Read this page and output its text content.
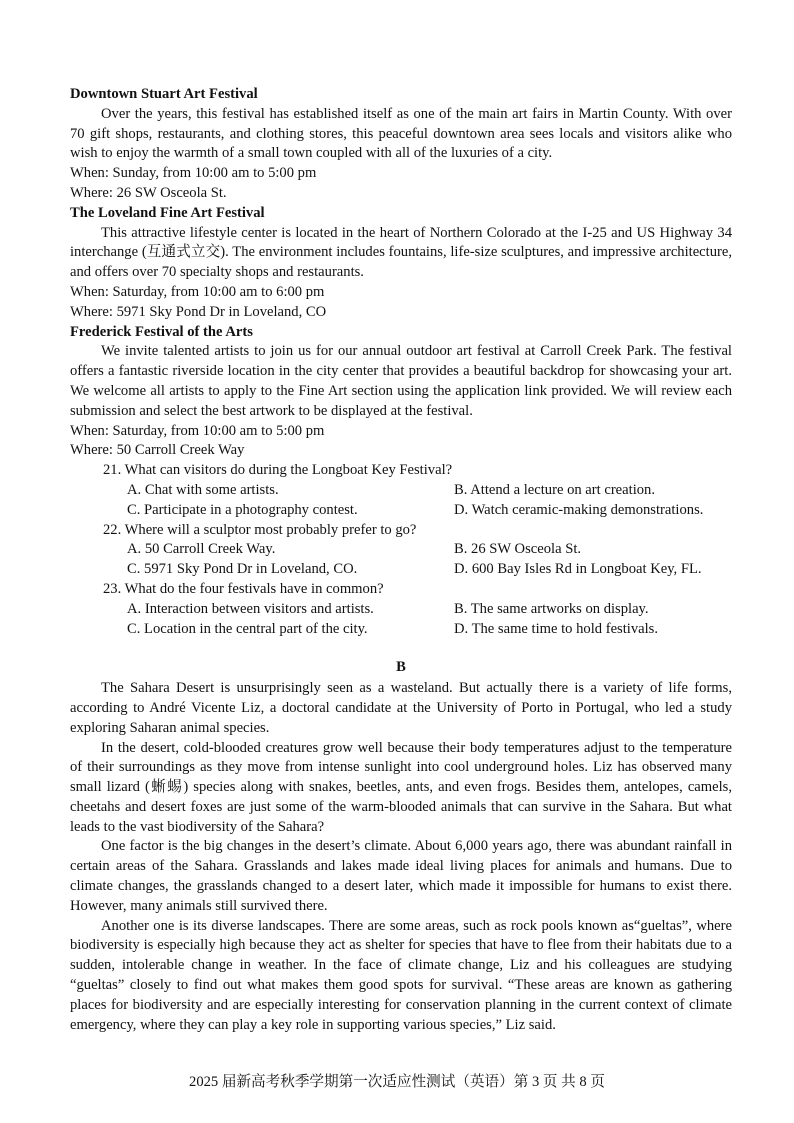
Downtown Stuart Art Festival

Over the years, this festival has established itself as one of the main art fairs in Martin County. With over 70 gift shops, restaurants, and clothing stores, this peaceful downtown area sees locals and visitors alike who wish to enjoy the warmth of a small town coupled with all of the luxuries of a city.

When: Sunday, from 10:00 am to 5:00 pm
Where: 26 SW Osceola St.
The Loveland Fine Art Festival

This attractive lifestyle center is located in the heart of Northern Colorado at the I-25 and US Highway 34 interchange (互通式立交). The environment includes fountains, life-size sculptures, and impressive architecture, and offers over 70 specialty shops and restaurants.

When: Saturday, from 10:00 am to 6:00 pm
Where: 5971 Sky Pond Dr in Loveland, CO
Frederick Festival of the Arts

We invite talented artists to join us for our annual outdoor art festival at Carroll Creek Park. The festival offers a fantastic riverside location in the city center that provides a beautiful backdrop for showcasing your art. We welcome all artists to apply to the Fine Art section using the application link provided. We will review each submission and select the best artwork to be displayed at the festival.

When: Saturday, from 10:00 am to 5:00 pm
Where: 50 Carroll Creek Way
21. What can visitors do during the Longboat Key Festival?
A. Chat with some artists.	B. Attend a lecture on art creation.
C. Participate in a photography contest.	D. Watch ceramic-making demonstrations.
22. Where will a sculptor most probably prefer to go?
A. 50 Carroll Creek Way.	B. 26 SW Osceola St.
C. 5971 Sky Pond Dr in Loveland, CO.	D. 600 Bay Isles Rd in Longboat Key, FL.
23. What do the four festivals have in common?
A. Interaction between visitors and artists.	B. The same artworks on display.
C. Location in the central part of the city.	D. The same time to hold festivals.
B

The Sahara Desert is unsurprisingly seen as a wasteland. But actually there is a variety of life forms, according to André Vicente Liz, a doctoral candidate at the University of Porto in Portugal, who led a study exploring Saharan animal species.

In the desert, cold-blooded creatures grow well because their body temperatures adjust to the temperature of their surroundings as they move from intense sunlight into cool underground holes. Liz has observed many small lizard (蜥蜴) species along with snakes, beetles, ants, and even frogs. Besides them, antelopes, camels, cheetahs and desert foxes are just some of the warm-blooded animals that can survive in the Sahara. But what leads to the vast biodiversity of the Sahara?

One factor is the big changes in the desert’s climate. About 6,000 years ago, there was abundant rainfall in certain areas of the Sahara. Grasslands and lakes made ideal living places for animals and humans. Due to climate changes, the grasslands changed to a desert later, which made it impossible for humans to exist there. However, many animals still survived there.

Another one is its diverse landscapes. There are some areas, such as rock pools known as“gueltas”, where biodiversity is especially high because they act as shelter for species that have to flee from their habitats due to a sudden, intolerable change in weather. In the face of climate change, Liz and his colleagues are studying “gueltas” closely to find out what makes them good spots for survival. “These areas are known as gathering places for biodiversity and are especially interesting for conservation planning in the current context of climate emergency, where they can play a key role in supporting various species,” Liz said.

2025 届新高考秋季学期第一次适应性测试（英语）第 3 页 共 8 页
